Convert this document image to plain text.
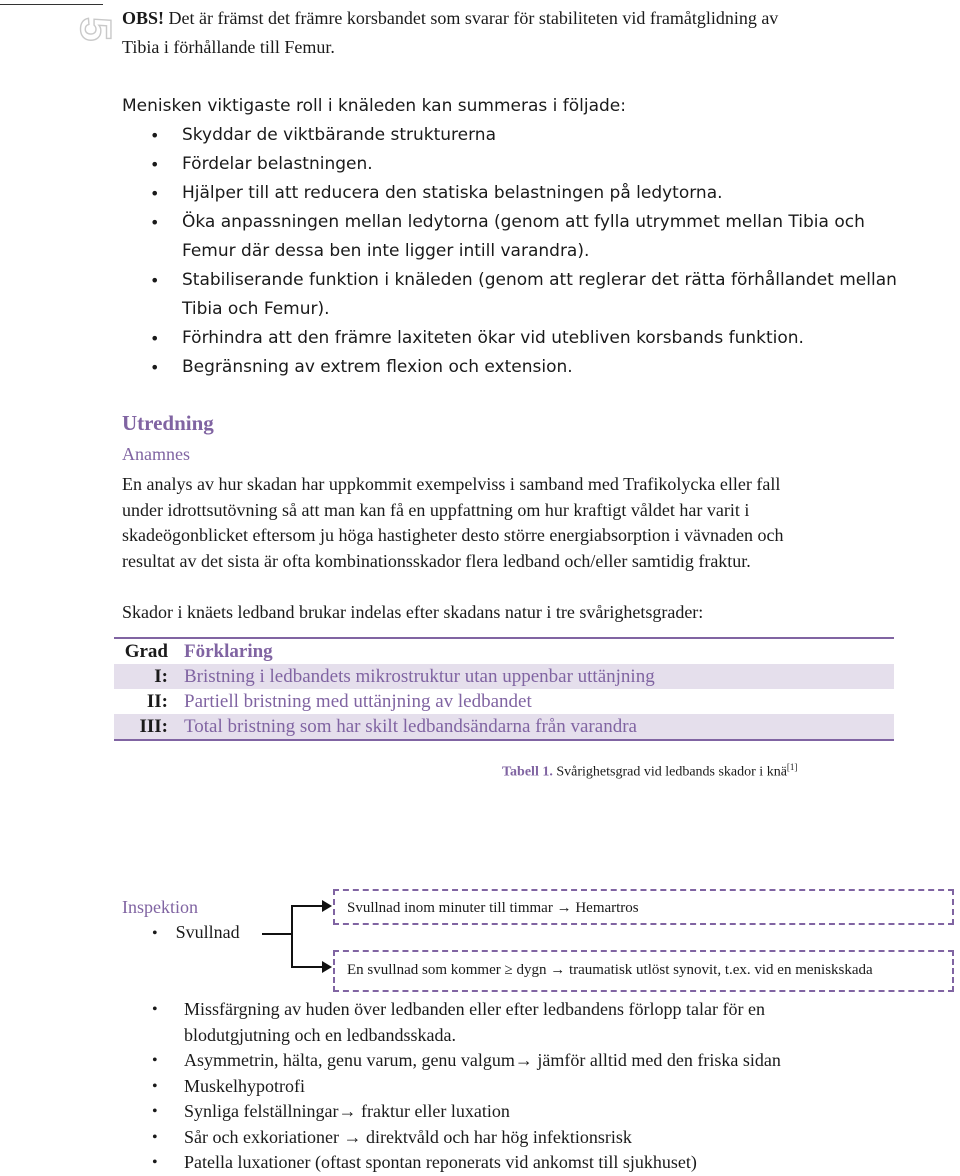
5 OBS! Det är främst det främre korsbandet som svarar för stabiliteten vid framåtglidning av
Tibia i förhållande till Femur.
Menisken viktigaste roll i knäleden kan summeras i följade:
• Skyddar de viktbärande strukturerna
• Fördelar belastningen.
• Hjälper till att reducera den statiska belastningen på ledytorna.
• Öka anpassningen mellan ledytorna (genom att fylla utrymmet mellan Tibia och
Femur där dessa ben inte ligger intill varandra).
• Stabiliserande funktion i knäleden (genom att reglerar det rätta förhållandet mellan
Tibia och Femur).
• Förhindra att den främre laxiteten ökar vid utebliven korsbands funktion.
• Begränsning av extrem flexion och extension.
Utredning
Anamnes
En analys av hur skadan har uppkommit exempelviss i samband med Trafikolycka eller fall
under idrottsutövning så att man kan få en uppfattning om hur kraftigt våldet har varit i
skadeögonblicket eftersom ju höga hastigheter desto större energiabsorption i vävnaden och
resultat av det sista är ofta kombinationsskador flera ledband och/eller samtidig fraktur.
Skador i knäets ledband brukar indelas efter skadans natur i tre svårighetsgrader:
Grad	Förklaring
I:	Bristning i ledbandets mikrostruktur utan uppenbar uttänjning
II:	Partiell bristning med uttänjning av ledbandet
III:	Total bristning som har skilt ledbandsändarna från varandra
Tabell 1. Svårighetsgrad vid ledbands skador i knä[1]
Inspektion
• Svullnad
Svullnad inom minuter till timmar → Hemartros
En svullnad som kommer ≥ dygn → traumatisk utlöst synovit, t.ex. vid en meniskskada
• Missfärgning av huden över ledbanden eller efter ledbandens förlopp talar för en
blodutgjutning och en ledbandsskada.
• Asymmetrin, hälta, genu varum, genu valgum→ jämför alltid med den friska sidan
• Muskelhypotrofi
• Synliga felställningar→ fraktur eller luxation
• Sår och exkoriationer → direktvåld och har hög infektionsrisk
• Patella luxationer (oftast spontan reponerats vid ankomst till sjukhuset)
